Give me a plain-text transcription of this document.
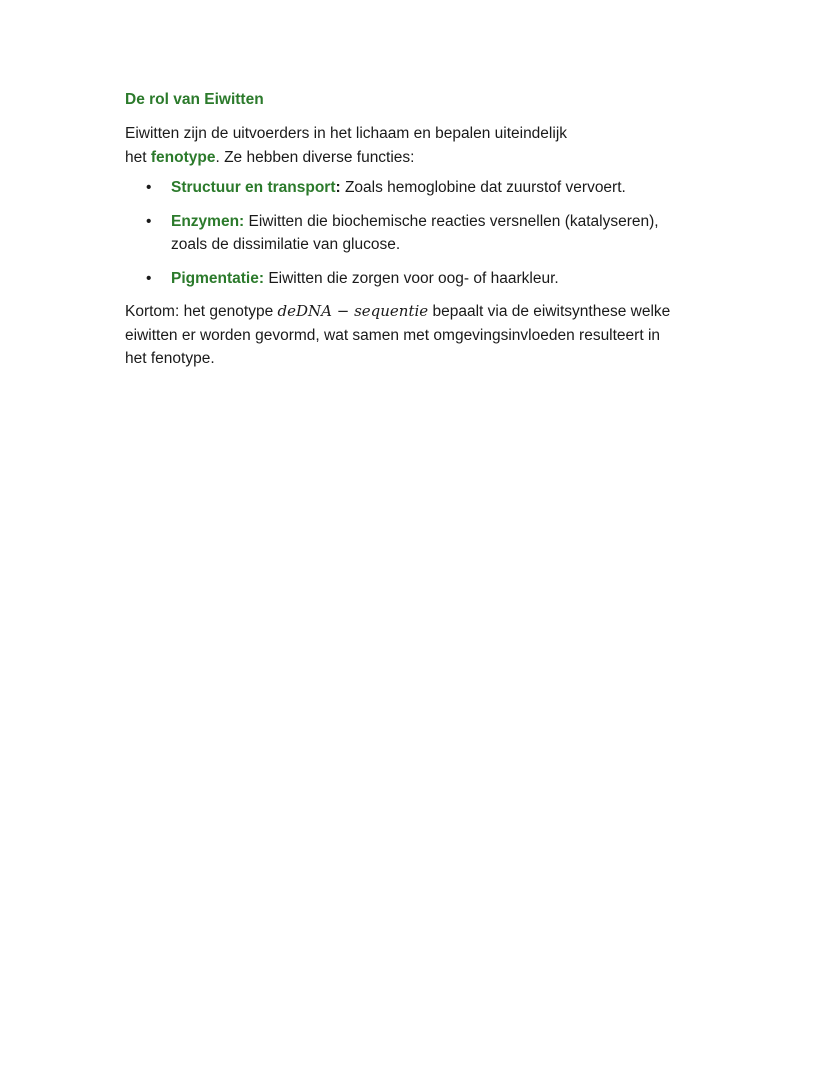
De rol van Eiwitten

Eiwitten zijn de uitvoerders in het lichaam en bepalen uiteindelijk
het fenotype. Ze hebben diverse functies:

• Structuur en transport: Zoals hemoglobine dat zuurstof vervoert.
• Enzymen: Eiwitten die biochemische reacties versnellen (katalyseren), zoals de dissimilatie van glucose.
• Pigmentatie: Eiwitten die zorgen voor oog- of haarkleur.

Kortom: het genotype deDNA − sequentie bepaalt via de eiwitsynthese welke eiwitten er worden gevormd, wat samen met omgevingsinvloeden resulteert in het fenotype.
